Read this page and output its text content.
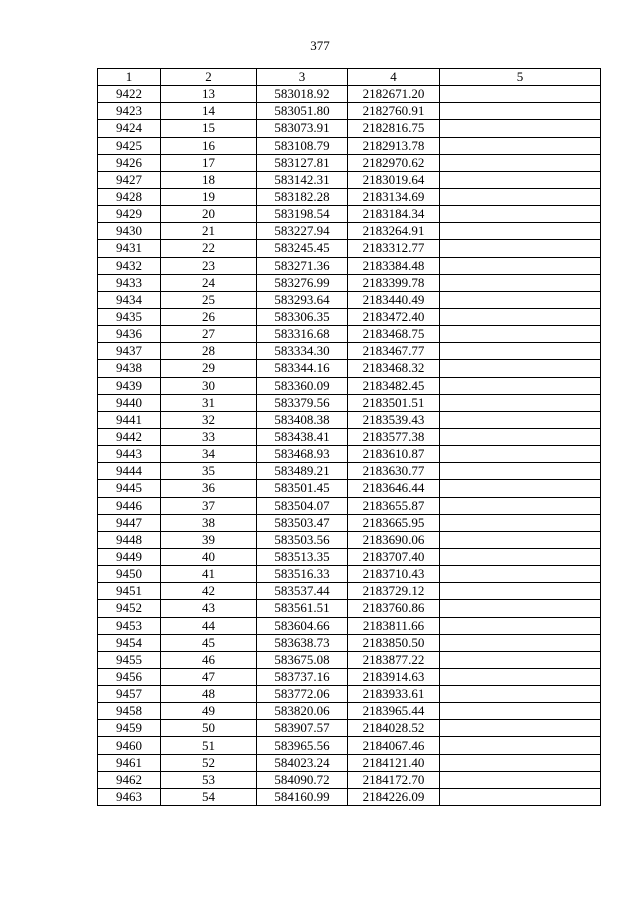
377
1	2	3	4	5
9422	13	583018.92	2182671.20	
9423	14	583051.80	2182760.91	
9424	15	583073.91	2182816.75	
9425	16	583108.79	2182913.78	
9426	17	583127.81	2182970.62	
9427	18	583142.31	2183019.64	
9428	19	583182.28	2183134.69	
9429	20	583198.54	2183184.34	
9430	21	583227.94	2183264.91	
9431	22	583245.45	2183312.77	
9432	23	583271.36	2183384.48	
9433	24	583276.99	2183399.78	
9434	25	583293.64	2183440.49	
9435	26	583306.35	2183472.40	
9436	27	583316.68	2183468.75	
9437	28	583334.30	2183467.77	
9438	29	583344.16	2183468.32	
9439	30	583360.09	2183482.45	
9440	31	583379.56	2183501.51	
9441	32	583408.38	2183539.43	
9442	33	583438.41	2183577.38	
9443	34	583468.93	2183610.87	
9444	35	583489.21	2183630.77	
9445	36	583501.45	2183646.44	
9446	37	583504.07	2183655.87	
9447	38	583503.47	2183665.95	
9448	39	583503.56	2183690.06	
9449	40	583513.35	2183707.40	
9450	41	583516.33	2183710.43	
9451	42	583537.44	2183729.12	
9452	43	583561.51	2183760.86	
9453	44	583604.66	2183811.66	
9454	45	583638.73	2183850.50	
9455	46	583675.08	2183877.22	
9456	47	583737.16	2183914.63	
9457	48	583772.06	2183933.61	
9458	49	583820.06	2183965.44	
9459	50	583907.57	2184028.52	
9460	51	583965.56	2184067.46	
9461	52	584023.24	2184121.40	
9462	53	584090.72	2184172.70	
9463	54	584160.99	2184226.09	
